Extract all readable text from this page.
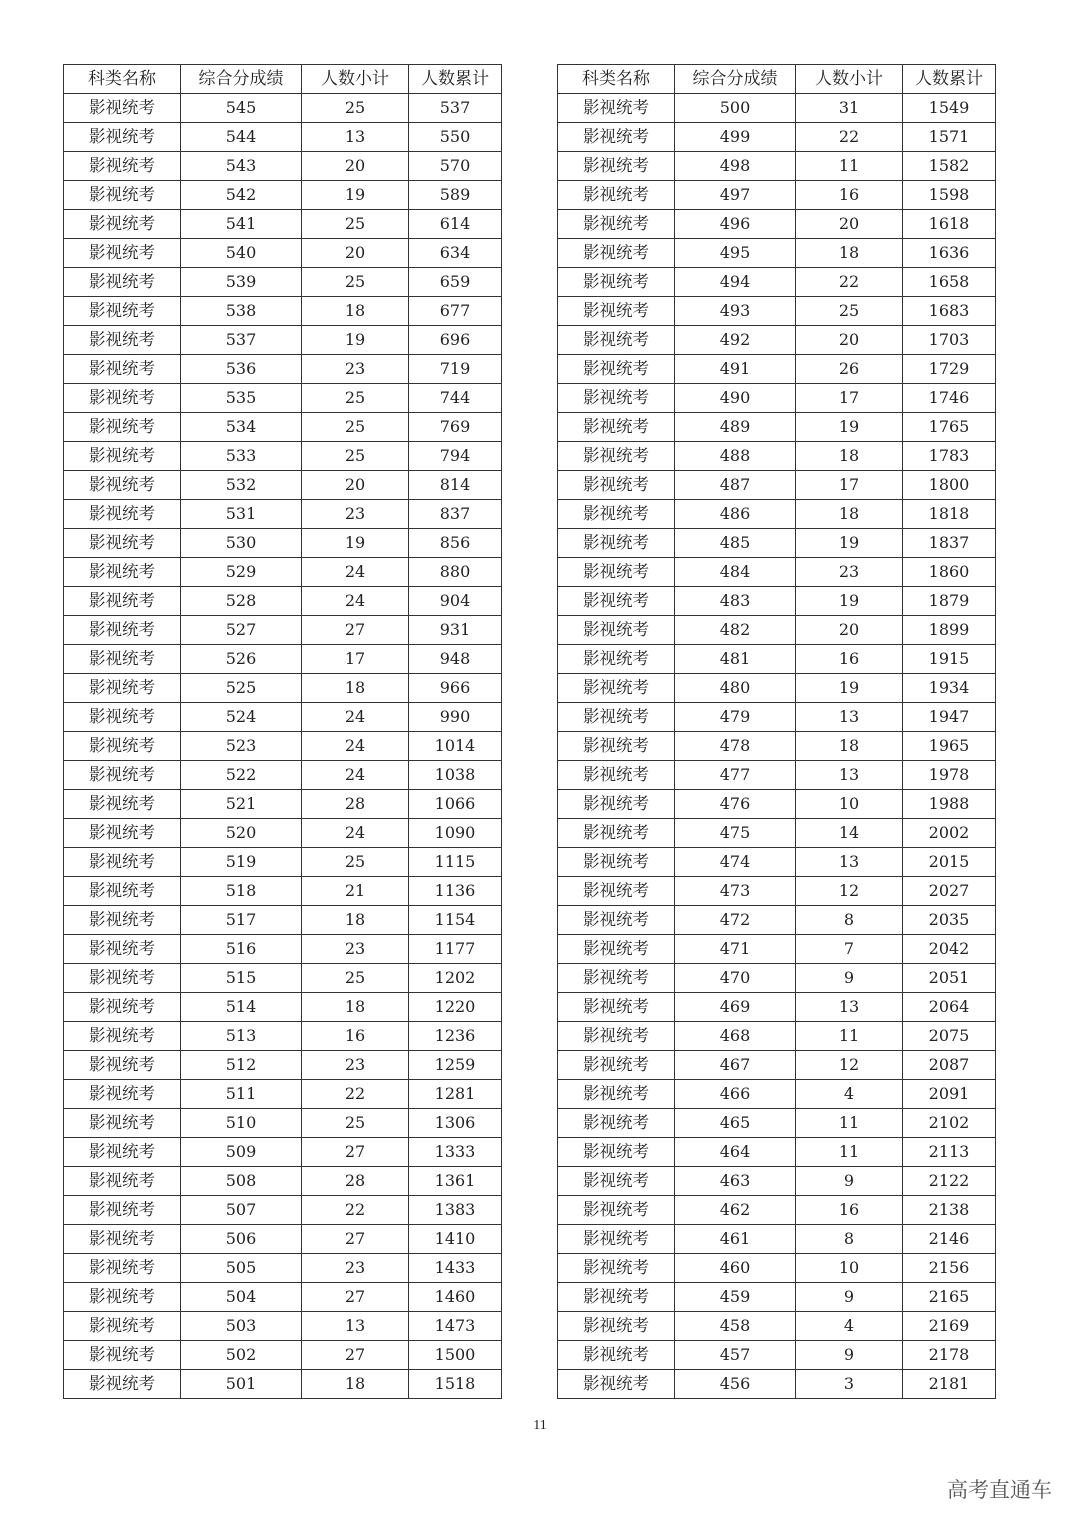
科类名称	综合分成绩	人数小计	人数累计
影视统考	545	25	537
影视统考	544	13	550
影视统考	543	20	570
影视统考	542	19	589
影视统考	541	25	614
影视统考	540	20	634
影视统考	539	25	659
影视统考	538	18	677
影视统考	537	19	696
影视统考	536	23	719
影视统考	535	25	744
影视统考	534	25	769
影视统考	533	25	794
影视统考	532	20	814
影视统考	531	23	837
影视统考	530	19	856
影视统考	529	24	880
影视统考	528	24	904
影视统考	527	27	931
影视统考	526	17	948
影视统考	525	18	966
影视统考	524	24	990
影视统考	523	24	1014
影视统考	522	24	1038
影视统考	521	28	1066
影视统考	520	24	1090
影视统考	519	25	1115
影视统考	518	21	1136
影视统考	517	18	1154
影视统考	516	23	1177
影视统考	515	25	1202
影视统考	514	18	1220
影视统考	513	16	1236
影视统考	512	23	1259
影视统考	511	22	1281
影视统考	510	25	1306
影视统考	509	27	1333
影视统考	508	28	1361
影视统考	507	22	1383
影视统考	506	27	1410
影视统考	505	23	1433
影视统考	504	27	1460
影视统考	503	13	1473
影视统考	502	27	1500
影视统考	501	18	1518
科类名称	综合分成绩	人数小计	人数累计
影视统考	500	31	1549
影视统考	499	22	1571
影视统考	498	11	1582
影视统考	497	16	1598
影视统考	496	20	1618
影视统考	495	18	1636
影视统考	494	22	1658
影视统考	493	25	1683
影视统考	492	20	1703
影视统考	491	26	1729
影视统考	490	17	1746
影视统考	489	19	1765
影视统考	488	18	1783
影视统考	487	17	1800
影视统考	486	18	1818
影视统考	485	19	1837
影视统考	484	23	1860
影视统考	483	19	1879
影视统考	482	20	1899
影视统考	481	16	1915
影视统考	480	19	1934
影视统考	479	13	1947
影视统考	478	18	1965
影视统考	477	13	1978
影视统考	476	10	1988
影视统考	475	14	2002
影视统考	474	13	2015
影视统考	473	12	2027
影视统考	472	8	2035
影视统考	471	7	2042
影视统考	470	9	2051
影视统考	469	13	2064
影视统考	468	11	2075
影视统考	467	12	2087
影视统考	466	4	2091
影视统考	465	11	2102
影视统考	464	11	2113
影视统考	463	9	2122
影视统考	462	16	2138
影视统考	461	8	2146
影视统考	460	10	2156
影视统考	459	9	2165
影视统考	458	4	2169
影视统考	457	9	2178
影视统考	456	3	2181
11
高考直通车
